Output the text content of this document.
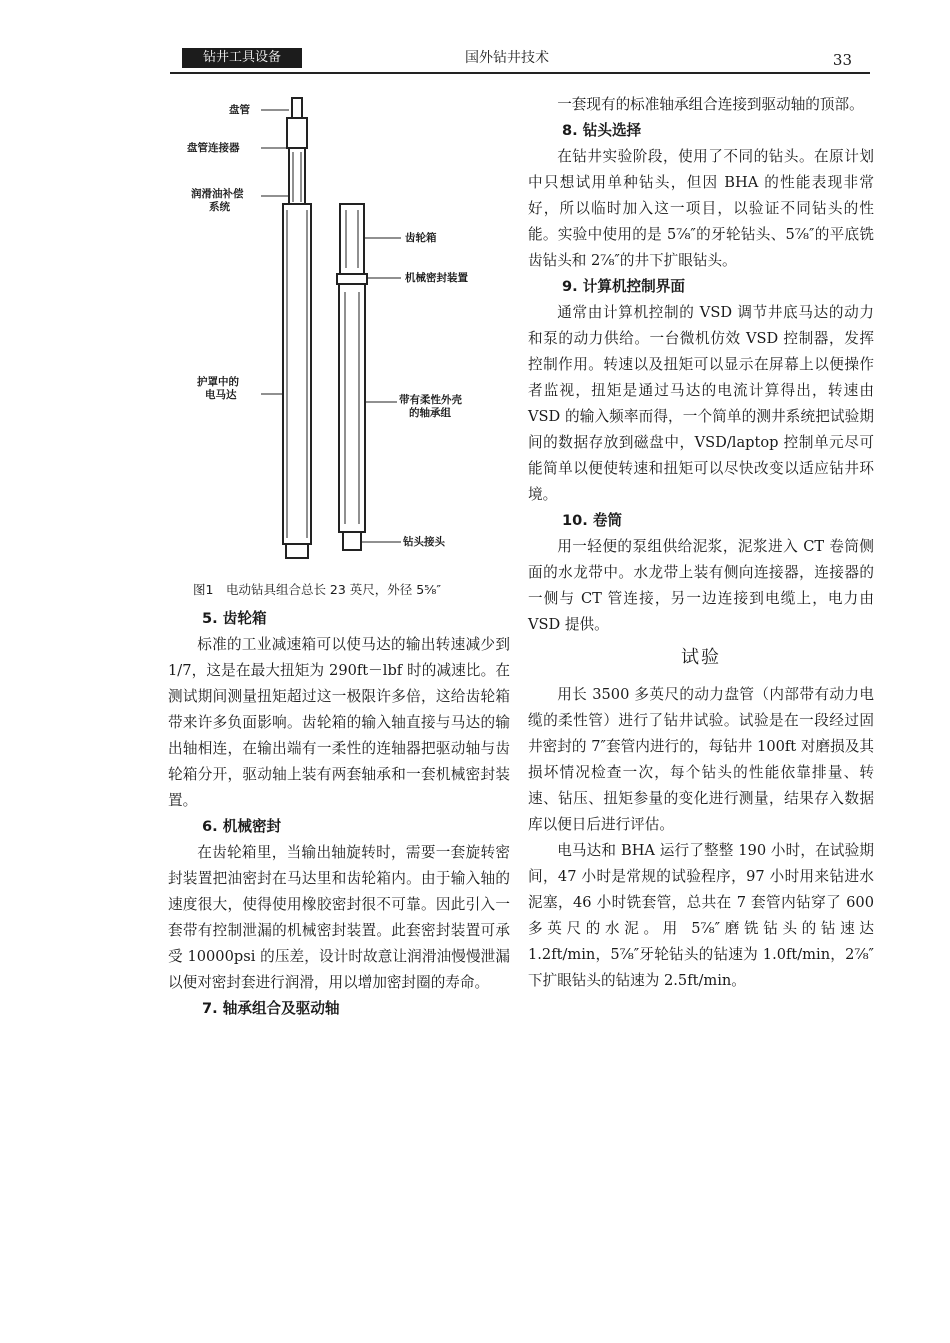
钻井工具设备	国外钻井技术	33
盘管
盘管连接器
润滑油补偿
系统
齿轮箱
机械密封装置
护罩中的
电马达	带有柔性外壳
的轴承组
钻头接头
图1　电动钻具组合总长 23 英尺，外径 5⁵⁄₈″
5. 齿轮箱

标准的工业减速箱可以使马达的输出转速减少到 1/7，这是在最大扭矩为 290ft－lbf 时的减速比。在测试期间测量扭矩超过这一极限许多倍，这给齿轮箱带来许多负面影响。齿轮箱的输入轴直接与马达的输出轴相连，在输出端有一柔性的连轴器把驱动轴与齿轮箱分开，驱动轴上装有两套轴承和一套机械密封装置。

6. 机械密封

在齿轮箱里，当输出轴旋转时，需要一套旋转密封装置把油密封在马达里和齿轮箱内。由于输入轴的速度很大，使得使用橡胶密封很不可靠。因此引入一套带有控制泄漏的机械密封装置。此套密封装置可承受 10000psi 的压差，设计时故意让润滑油慢慢泄漏以便对密封套进行润滑，用以增加密封圈的寿命。

7. 轴承组合及驱动轴

一套现有的标准轴承组合连接到驱动轴的顶部。

8. 钻头选择

在钻井实验阶段，使用了不同的钻头。在原计划中只想试用单种钻头，但因 BHA 的性能表现非常好，所以临时加入这一项目，以验证不同钻头的性能。实验中使用的是 5⁷⁄₈″的牙轮钻头、5⁷⁄₈″的平底铣齿钻头和 2⁷⁄₈″的井下扩眼钻头。

9. 计算机控制界面

通常由计算机控制的 VSD 调节井底马达的动力和泵的动力供给。一台微机仿效 VSD 控制器，发挥控制作用。转速以及扭矩可以显示在屏幕上以便操作者监视，扭矩是通过马达的电流计算得出，转速由 VSD 的输入频率而得，一个简单的测井系统把试验期间的数据存放到磁盘中，VSD/laptop 控制单元尽可能简单以便使转速和扭矩可以尽快改变以适应钻井环境。

10. 卷筒

用一轻便的泵组供给泥浆，泥浆进入 CT 卷筒侧面的水龙带中。水龙带上装有侧向连接器，连接器的一侧与 CT 管连接，另一边连接到电缆上，电力由 VSD 提供。

试验

用长 3500 多英尺的动力盘管（内部带有动力电缆的柔性管）进行了钻井试验。试验是在一段经过固井密封的 7″套管内进行的，每钻井 100ft 对磨损及其损坏情况检查一次，每个钻头的性能依靠排量、转速、钻压、扭矩参量的变化进行测量，结果存入数据库以便日后进行评估。

电马达和 BHA 运行了整整 190 小时，在试验期间，47 小时是常规的试验程序，97 小时用来钻进水泥塞，46 小时铣套管，总共在 7 套管内钻穿了 600 多英尺的水泥。用 5⁷⁄₈″磨铣钻头的钻速达 1.2ft/min，5⁷⁄₈″牙轮钻头的钻速为 1.0ft/min，2⁷⁄₈″下扩眼钻头的钻速为 2.5ft/min。
